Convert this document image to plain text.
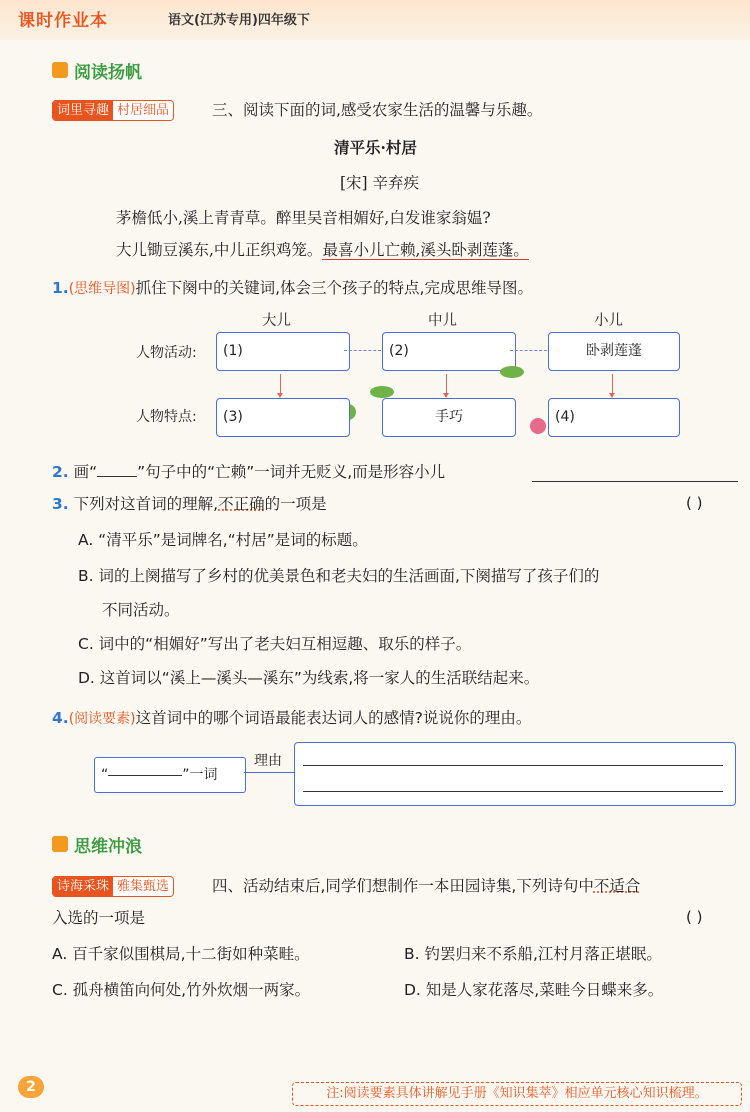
课时作业本	语文(江苏专用)四年级下
阅读扬帆
词里寻趣 村居细品	三、阅读下面的词,感受农家生活的温馨与乐趣。
清平乐·村居
[宋] 辛弃疾
茅檐低小,溪上青青草。醉里吴音相媚好,白发谁家翁媪?
大儿锄豆溪东,中儿正织鸡笼。最喜小儿亡赖,溪头卧剥莲蓬。
1.(思维导图)抓住下阕中的关键词,体会三个孩子的特点,完成思维导图。
大儿	中儿	小儿
人物活动:	(1)	(2)	卧剥莲蓬
人物特点:	(3)	手巧	(4)
2. 画“	”句子中的“亡赖”一词并无贬义,而是形容小儿
3. 下列对这首词的理解,不正确的一项是	( )
A. “清平乐”是词牌名,“村居”是词的标题。
B. 词的上阕描写了乡村的优美景色和老夫妇的生活画面,下阕描写了孩子们的
不同活动。
C. 词中的“相媚好”写出了老夫妇互相逗趣、取乐的样子。
D. 这首词以“溪上—溪头—溪东”为线索,将一家人的生活联结起来。
4.(阅读要素)这首词中的哪个词语最能表达词人的感情?说说你的理由。
“	”一词
理由
思维冲浪
诗海采珠 雅集甄选	四、活动结束后,同学们想制作一本田园诗集,下列诗句中不适合
入选的一项是	( )
A. 百千家似围棋局,十二街如种菜畦。	B. 钓罢归来不系船,江村月落正堪眠。
C. 孤舟横笛向何处,竹外炊烟一两家。	D. 知是人家花落尽,菜畦今日蝶来多。
2	注:阅读要素具体讲解见手册《知识集萃》相应单元核心知识梳理。
